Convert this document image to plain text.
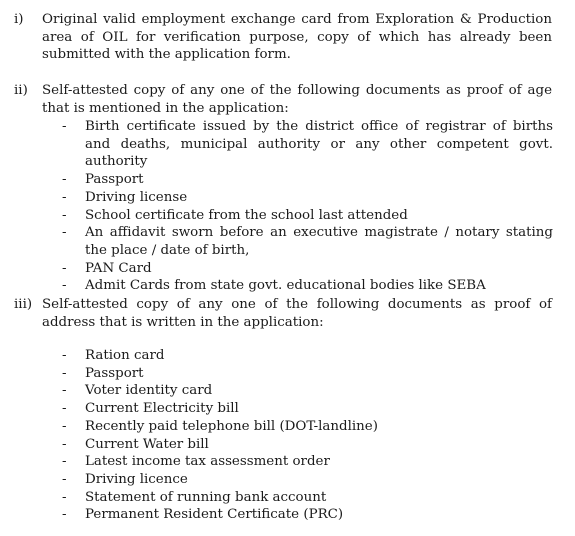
i)	Original valid employment exchange card from Exploration & Production area of OIL for verification purpose, copy of which has already been submitted with the application form.
ii)	Self-attested copy of any one of the following documents as proof of age that is mentioned in the application:
- Birth certificate issued by the district office of registrar of births and deaths, municipal authority or any other competent govt. authority
- Passport
- Driving license
- School certificate from the school last attended
- An affidavit sworn before an executive magistrate / notary stating the place / date of birth,
- PAN Card
- Admit Cards from state govt. educational bodies like SEBA
iii) Self-attested copy of any one of the following documents as proof of address that is written in the application:
- Ration card
- Passport
- Voter identity card
- Current Electricity bill
- Recently paid telephone bill (DOT-landline)
- Current Water bill
- Latest income tax assessment order
- Driving licence
- Statement of running bank account
- Permanent Resident Certificate (PRC)
